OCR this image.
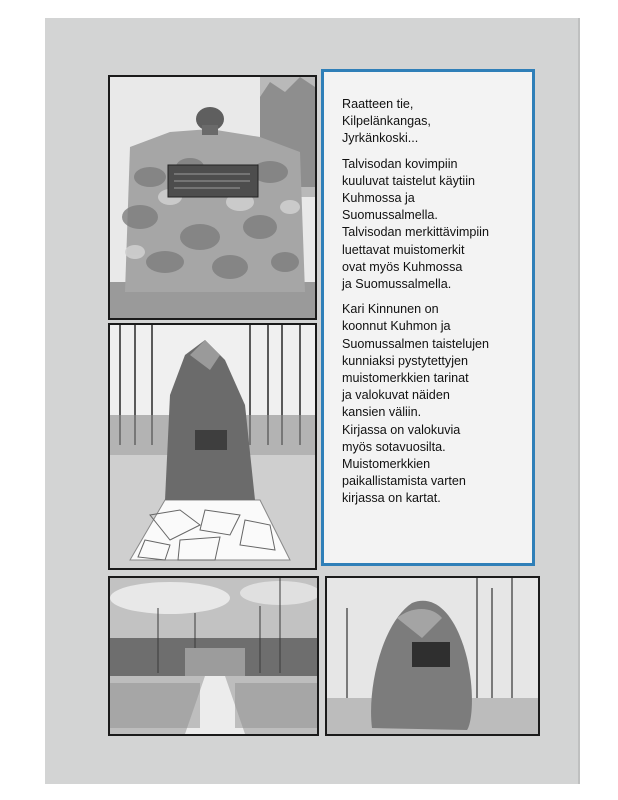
Raatteen tie,
Kilpelänkangas,
Jyrkänkoski...

Talvisodan kovimpiin
kuuluvat taistelut käytiin
Kuhmossa ja
Suomussalmella.
Talvisodan merkittävimpiin
luettavat muistomerkit
ovat myös Kuhmossa
ja Suomussalmella.

Kari Kinnunen on
koonnut Kuhmon ja
Suomussalmen taistelujen
kunniaksi pystytettyjen
muistomerkkien tarinat
ja valokuvat näiden
kansien väliin.
Kirjassa on valokuvia
myös sotavuosilta.
Muistomerkkien
paikallistamista varten
kirjassa on kartat.
